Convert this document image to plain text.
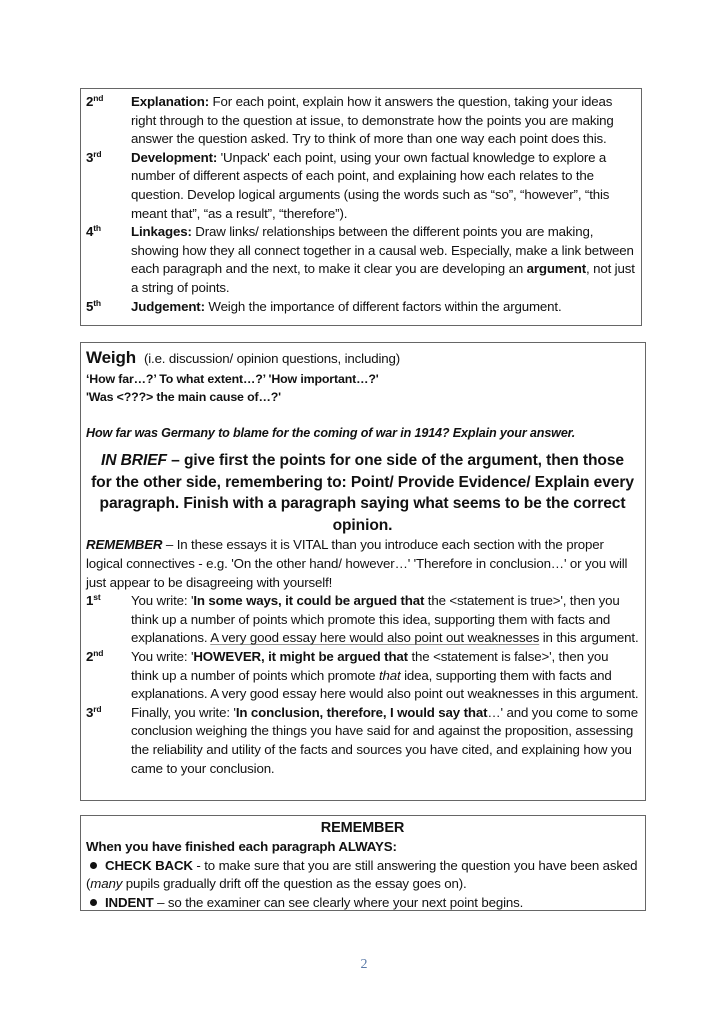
2nd	Explanation: For each point, explain how it answers the question, taking your ideas right through to the question at issue, to demonstrate how the points you are making answer the question asked. Try to think of more than one way each point does this.
3rd	Development: 'Unpack' each point, using your own factual knowledge to explore a number of different aspects of each point, and explaining how each relates to the question. Develop logical arguments (using the words such as “so”, “however”, “this meant that”, “as a result”, “therefore”).
4th	Linkages: Draw links/ relationships between the different points you are making, showing how they all connect together in a causal web. Especially, make a link between each paragraph and the next, to make it clear you are developing an argument, not just a string of points.
5th	Judgement: Weigh the importance of different factors within the argument.
Weigh (i.e. discussion/ opinion questions, including)
‘How far…?’ To what extent…?’ 'How important…?'
'Was <???> the main cause of…?'
How far was Germany to blame for the coming of war in 1914? Explain your answer.
IN BRIEF – give first the points for one side of the argument, then those for the other side, remembering to: Point/ Provide Evidence/ Explain every paragraph. Finish with a paragraph saying what seems to be the correct opinion.
REMEMBER – In these essays it is VITAL than you introduce each section with the proper logical connectives - e.g. 'On the other hand/ however…' 'Therefore in conclusion…' or you will just appear to be disagreeing with yourself!
1st	You write: 'In some ways, it could be argued that the <statement is true>', then you think up a number of points which promote this idea, supporting them with facts and explanations. A very good essay here would also point out weaknesses in this argument.
2nd	You write: 'HOWEVER, it might be argued that the <statement is false>', then you think up a number of points which promote that idea, supporting them with facts and explanations. A very good essay here would also point out weaknesses in this argument.
3rd	Finally, you write: 'In conclusion, therefore, I would say that…' and you come to some conclusion weighing the things you have said for and against the proposition, assessing the reliability and utility of the facts and sources you have cited, and explaining how you came to your conclusion.
REMEMBER
When you have finished each paragraph ALWAYS:
CHECK BACK - to make sure that you are still answering the question you have been asked (many pupils gradually drift off the question as the essay goes on).
INDENT – so the examiner can see clearly where your next point begins.
2
